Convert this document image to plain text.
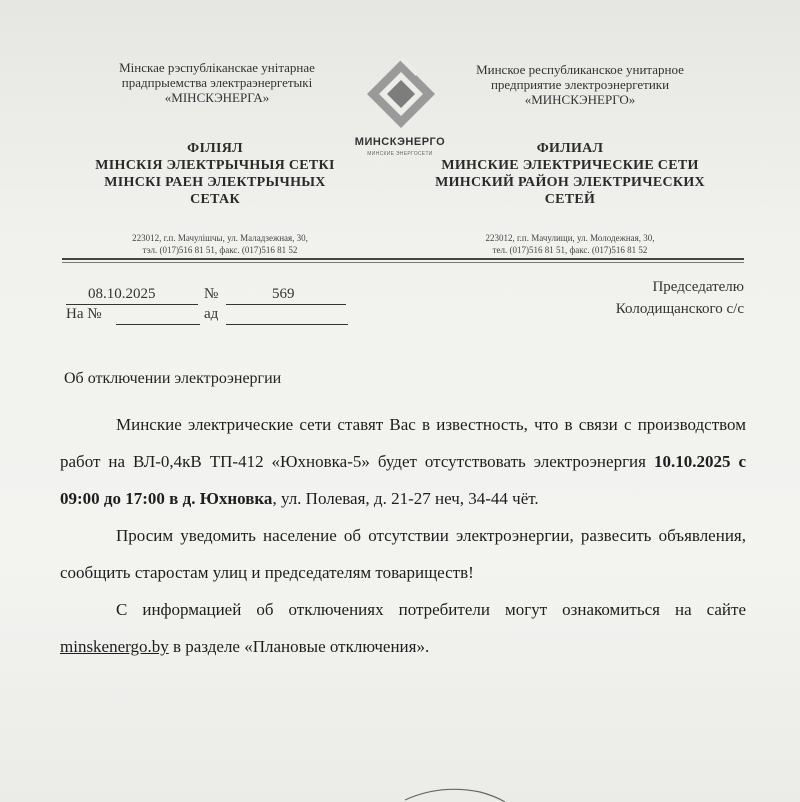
Мінскае рэспубліканскае унітарнае
прадпрыемства электраэнергетыкі
«МІНСКЭНЕРГА»
Минское республиканское унитарное
предприятие электроэнергетики
«МИНСКЭНЕРГО»
МИНСКЭНЕРГО
МИНСКИЕ ЭНЕРГОСЕТИ
ФІЛІЯЛ
МІНСКІЯ ЭЛЕКТРЫЧНЫЯ СЕТКІ
МІНСКІ РАЕН ЭЛЕКТРЫЧНЫХ
СЕТАК
ФИЛИАЛ
МИНСКИЕ ЭЛЕКТРИЧЕСКИЕ СЕТИ
МИНСКИЙ РАЙОН ЭЛЕКТРИЧЕСКИХ
СЕТЕЙ
223012, г.п. Мачулішчы, ул. Маладзежная, 30,
тэл. (017)516 81 51, факс. (017)516 81 52
223012, г.п. Мачулищи, ул. Молодежная, 30,
тел. (017)516 81 51, факс. (017)516 81 52
08.10.2025	№	569
На №	ад
Председателю
Колодищанского с/с
Об отключении электроэнергии

Минские электрические сети ставят Вас в известность, что в связи с производством работ на ВЛ-0,4кВ ТП-412 «Юхновка-5» будет отсутствовать электроэнергия 10.10.2025 с 09:00 до 17:00 в д. Юхновка, ул. Полевая, д. 21-27 неч, 34-44 чёт.

Просим уведомить население об отсутствии электроэнергии, развесить объявления, сообщить старостам улиц и председателям товариществ!

С информацией об отключениях потребители могут ознакомиться на сайте minskenergo.by в разделе «Плановые отключения».
